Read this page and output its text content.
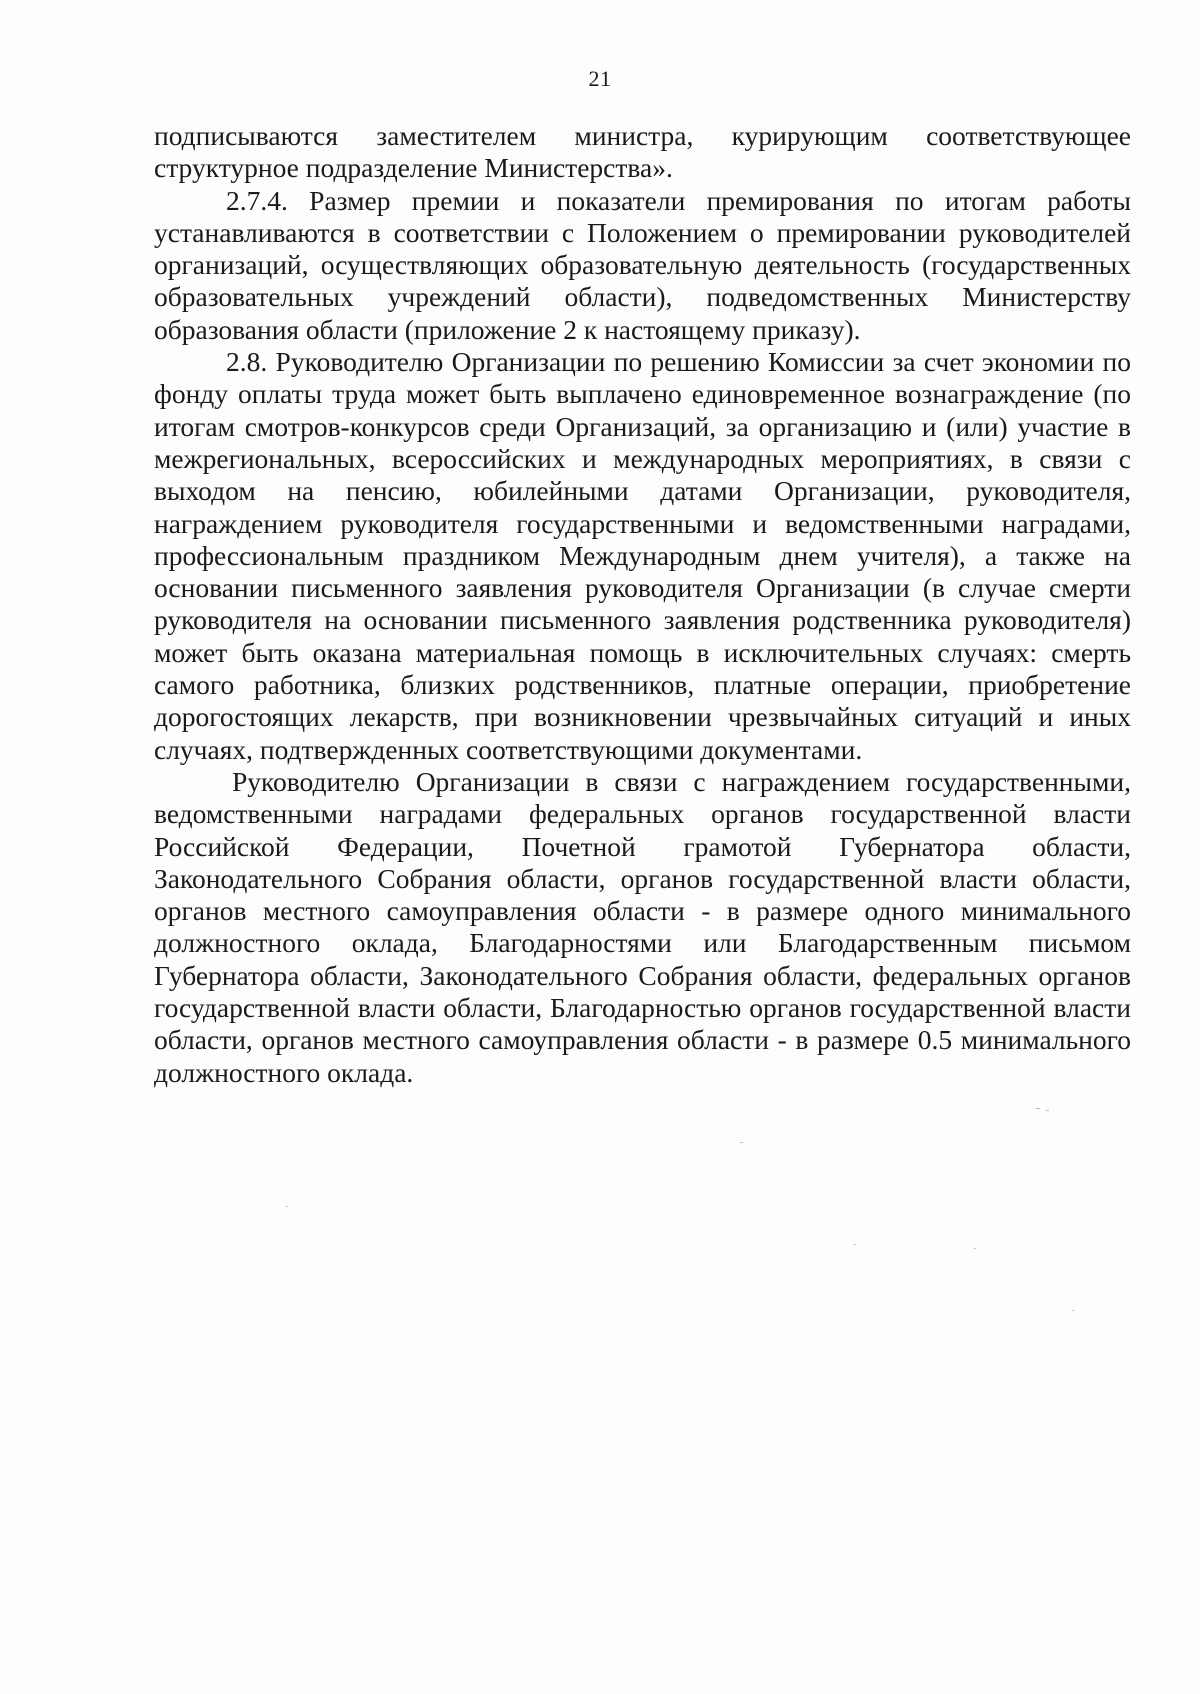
21

подписываются заместителем министра, курирующим соответствующее структурное подразделение Министерства».

2.7.4. Размер премии и показатели премирования по итогам работы устанавливаются в соответствии с Положением о премировании руководителей организаций, осуществляющих образовательную деятельность (государственных образовательных учреждений области), подведомственных Министерству образования области (приложение 2 к настоящему приказу).

2.8. Руководителю Организации по решению Комиссии за счет экономии по фонду оплаты труда может быть выплачено единовременное вознаграждение (по итогам смотров-конкурсов среди Организаций, за организацию и (или) участие в межрегиональных, всероссийских и международных мероприятиях, в связи с выходом на пенсию, юбилейными датами Организации, руководителя, награждением руководителя государственными и ведомственными наградами, профессиональным праздником Международным днем учителя), а также на основании письменного заявления руководителя Организации (в случае смерти руководителя на основании письменного заявления родственника руководителя) может быть оказана материальная помощь в исключительных случаях: смерть самого работника, близких родственников, платные операции, приобретение дорогостоящих лекарств, при возникновении чрезвычайных ситуаций и иных случаях, подтвержденных соответствующими документами.

Руководителю Организации в связи с награждением государственными, ведомственными наградами федеральных органов государственной власти Российской Федерации, Почетной грамотой Губернатора области, Законодательного Собрания области, органов государственной власти области, органов местного самоуправления области - в размере одного минимального должностного оклада, Благодарностями или Благодарственным письмом Губернатора области, Законодательного Собрания области, федеральных органов государственной власти области, Благодарностью органов государственной власти области, органов местного самоуправления области - в размере 0.5 минимального должностного оклада.
